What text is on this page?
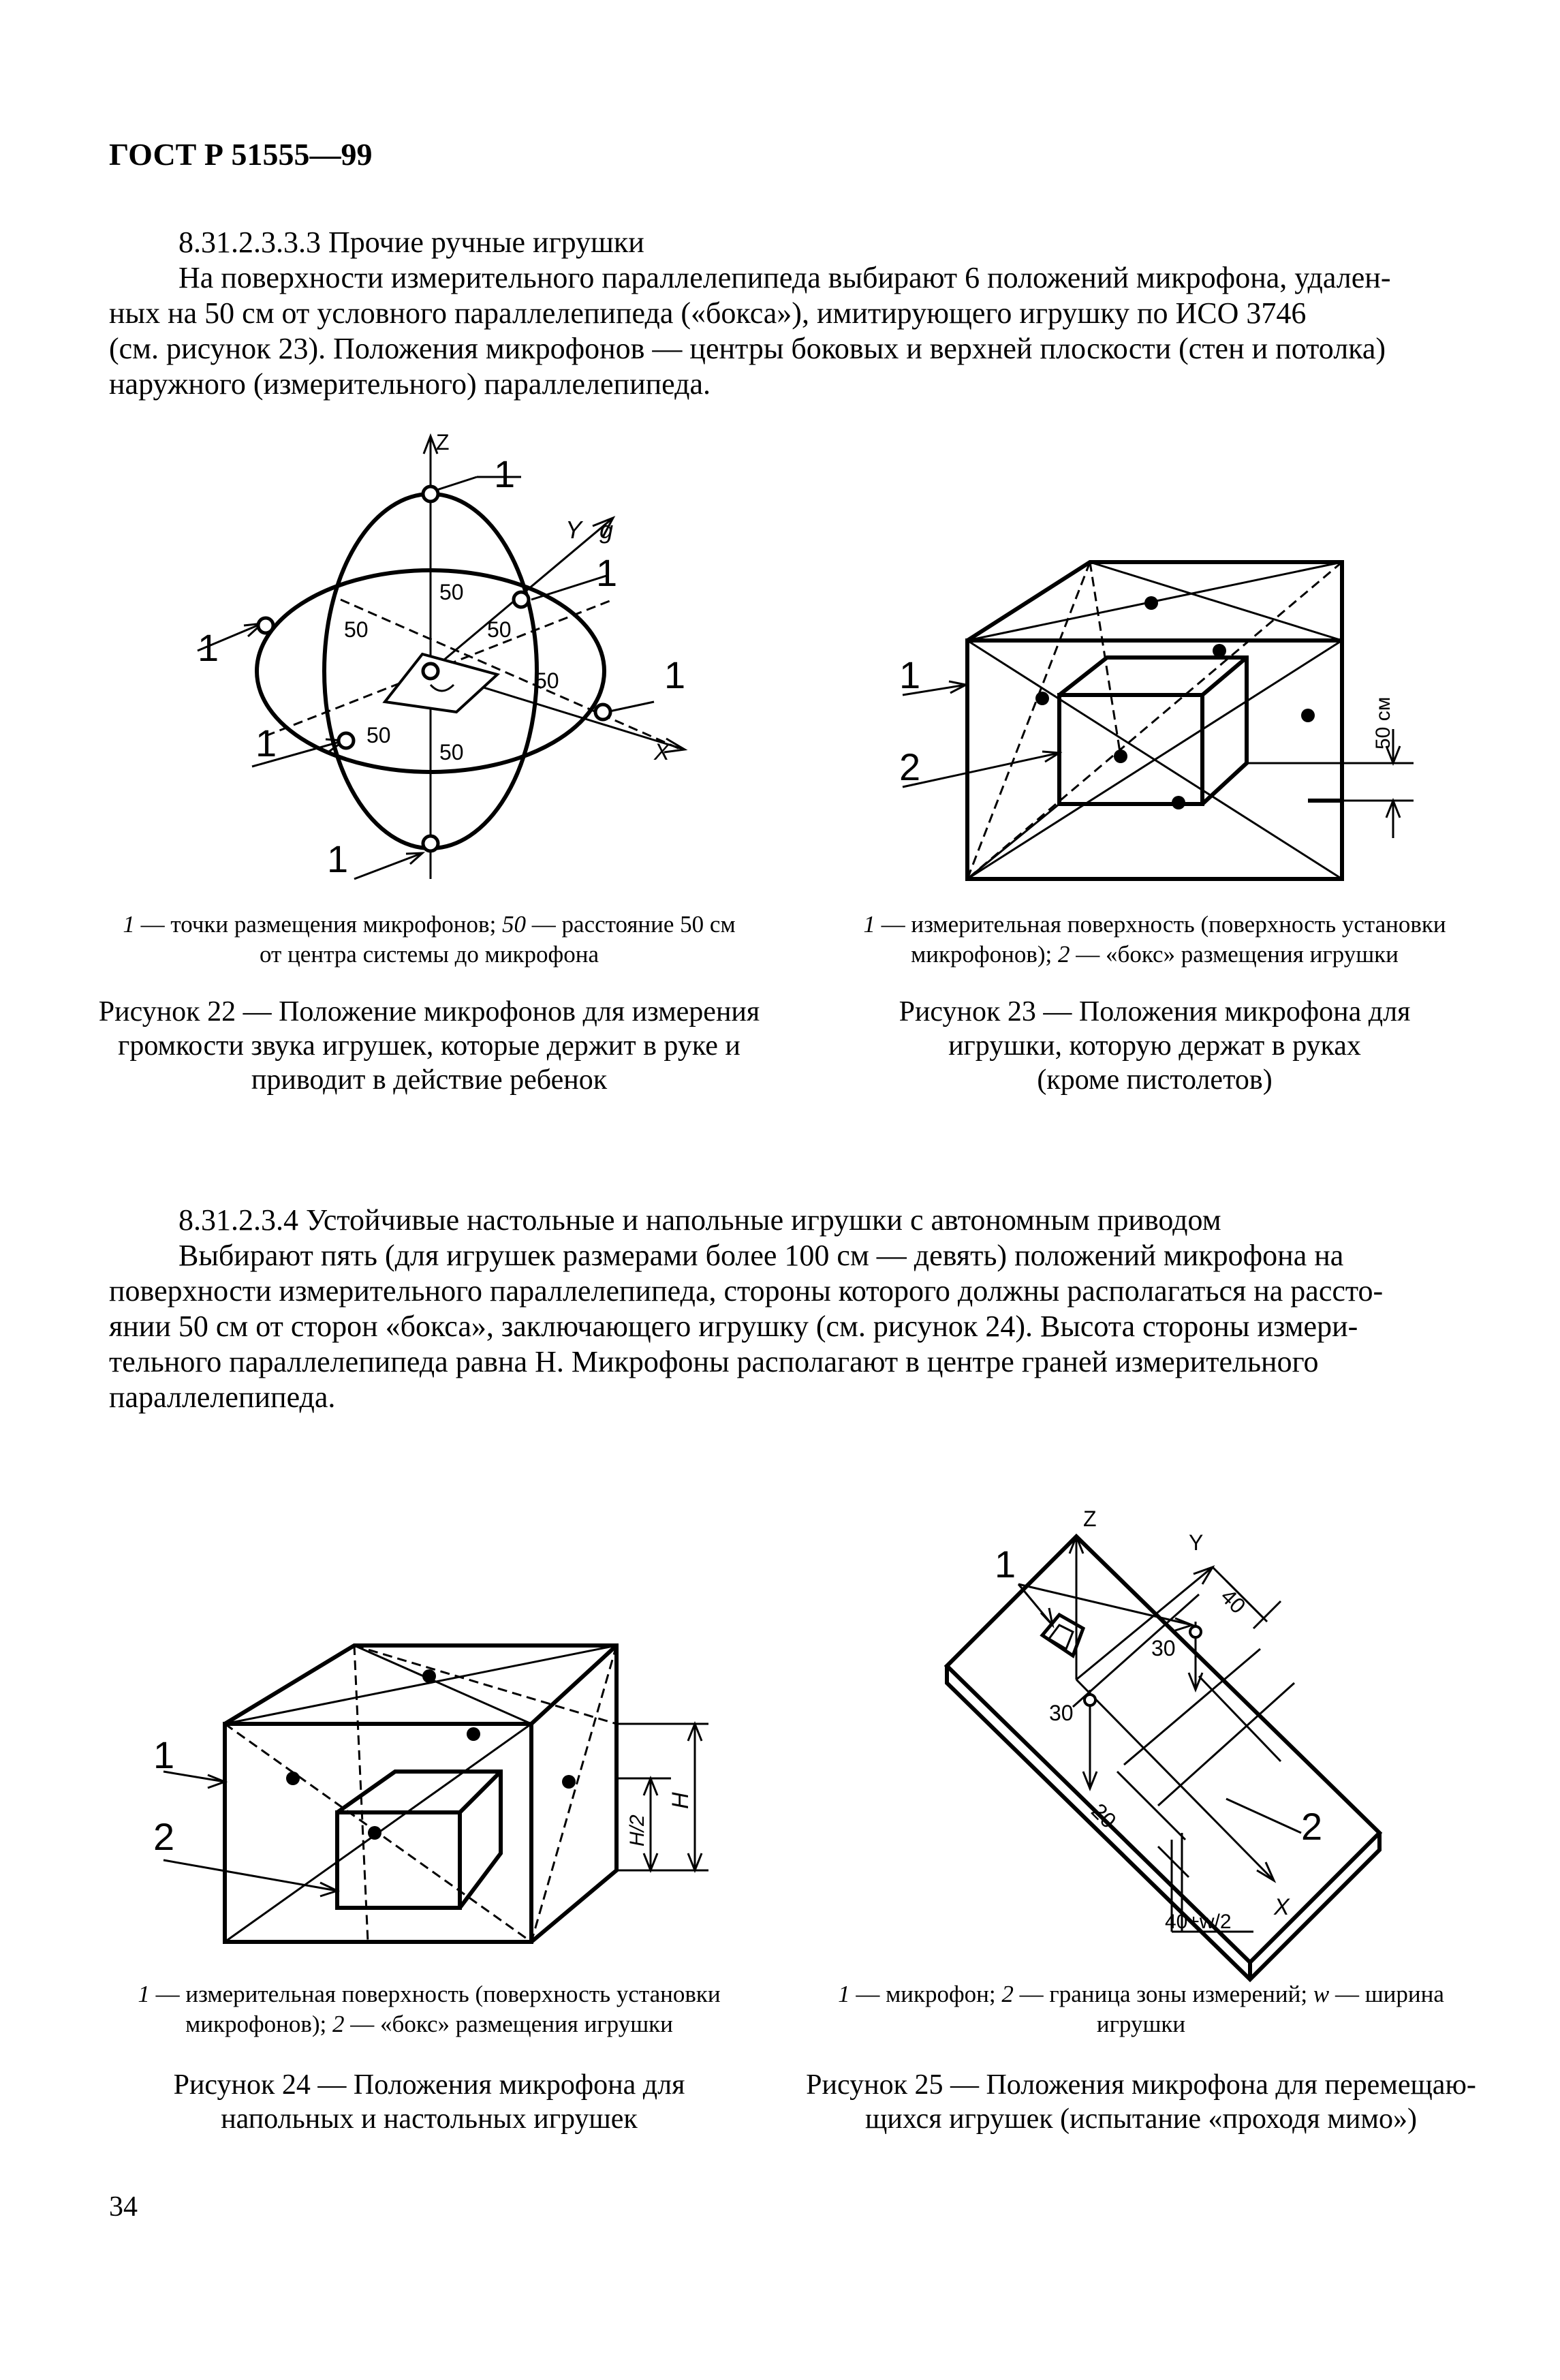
ГОСТ Р 51555—99
8.31.2.3.3.3 Прочие ручные игрушки
На поверхности измерительного параллелепипеда выбирают 6 положений микрофона, удален-
ных на 50 см от условного параллелепипеда («бокса»), имитирующего игрушку по ИСО 3746
(см. рисунок 23). Положения микрофонов — центры боковых и верхней плоскости (стен и потолка)
наружного (измерительного) параллелепипеда.
Z
1
Y g
1
1
1
1
1
X
50
50	50
50
50
50
1 — точки размещения микрофонов; 50 — расстояние 50 см
от центра системы до микрофона
Рисунок 22 — Положение микрофонов для измерения
громкости звука игрушек, которые держит в руке и
приводит в действие ребенок
1
2
50 см
1 — измерительная поверхность (поверхность установки
микрофонов); 2 — «бокс» размещения игрушки
Рисунок 23 — Положения микрофона для
игрушки, которую держат в руках
(кроме пистолетов)
8.31.2.3.4 Устойчивые настольные и напольные игрушки с автономным приводом
Выбирают пять (для игрушек размерами более 100 см — девять) положений микрофона на
поверхности измерительного параллелепипеда, стороны которого должны располагаться на рассто-
янии 50 см от сторон «бокса», заключающего игрушку (см. рисунок 24). Высота стороны измери-
тельного параллелепипеда равна H. Микрофоны располагают в центре граней измерительного
параллелепипеда.
1
2	H/2
H
1 — измерительная поверхность (поверхность установки
микрофонов); 2 — «бокс» размещения игрушки
Рисунок 24 — Положения микрофона для
напольных и настольных игрушек
Z
Y
X
1
2
40
30
30
20
40+w/2
1 — микрофон; 2 — граница зоны измерений; w — ширина
игрушки
Рисунок 25 — Положения микрофона для перемещаю-
щихся игрушек (испытание «проходя мимо»)
34
